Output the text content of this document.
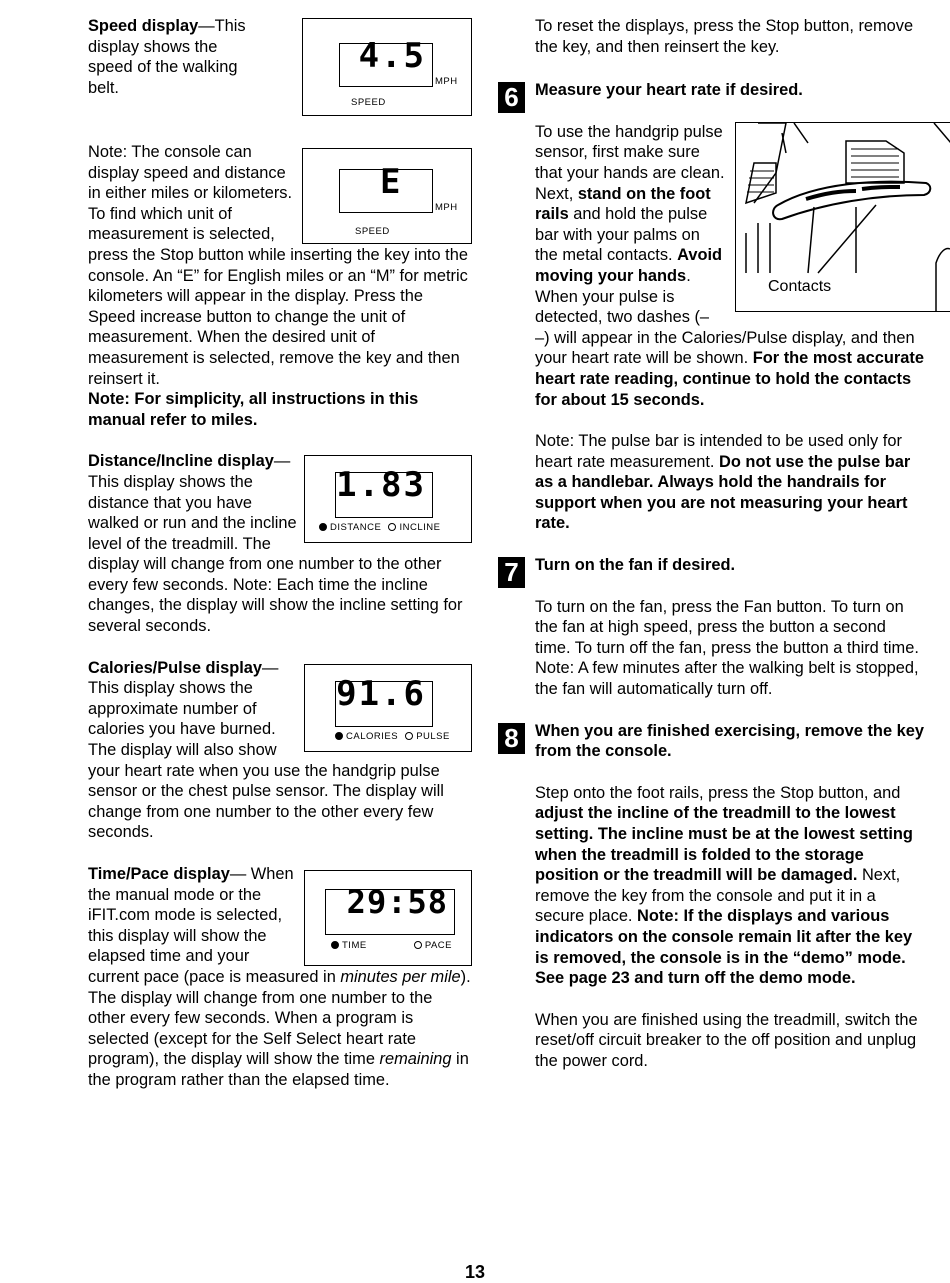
4.5
MPH
SPEED

Speed display—This display shows the speed of the walking belt.

E
MPH
SPEED

Note: The console can display speed and distance in either miles or kilometers. To find which unit of measurement is selected, press the Stop button while inserting the key into the console. An “E” for English miles or an “M” for metric kilometers will appear in the display. Press the Speed increase button to change the unit of measurement. When the desired unit of measurement is selected, remove the key and then reinsert it.

Note: For simplicity, all instructions in this manual refer to miles.

1.83
DISTANCE INCLINE

Distance/Incline display—This display shows the distance that you have walked or run and the incline level of the treadmill. The display will change from one number to the other every few seconds. Note: Each time the incline changes, the display will show the incline setting for several seconds.

91.6
CALORIES PULSE

Calories/Pulse display—This display shows the approximate number of calories you have burned. The display will also show your heart rate when you use the handgrip pulse sensor or the chest pulse sensor. The display will change from one number to the other every few seconds.

29:58
TIME	PACE

Time/Pace display— When the manual mode or the iFIT.com mode is selected, this display will show the elapsed time and your current pace (pace is measured in minutes per mile). The display will change from one number to the other every few seconds. When a program is selected (except for the Self Select heart rate program), the display will show the time remaining in the program rather than the elapsed time.

To reset the displays, press the Stop button, remove the key, and then reinsert the key.

6 Measure your heart rate if desired.

Contacts

To use the handgrip pulse sensor, first make sure that your hands are clean. Next, stand on the foot rails and hold the pulse bar with your palms on the metal contacts. Avoid moving your hands. When your pulse is detected, two dashes (– –) will appear in the Calories/Pulse display, and then your heart rate will be shown. For the most accurate heart rate reading, continue to hold the contacts for about 15 seconds.

Note: The pulse bar is intended to be used only for heart rate measurement. Do not use the pulse bar as a handlebar. Always hold the handrails for support when you are not measuring your heart rate.

7 Turn on the fan if desired.

To turn on the fan, press the Fan button. To turn on the fan at high speed, press the button a second time. To turn off the fan, press the button a third time. Note: A few minutes after the walking belt is stopped, the fan will automatically turn off.

8 When you are finished exercising, remove the key from the console.

Step onto the foot rails, press the Stop button, and adjust the incline of the treadmill to the lowest setting. The incline must be at the lowest setting when the treadmill is folded to the storage position or the treadmill will be damaged. Next, remove the key from the console and put it in a secure place. Note: If the displays and various indicators on the console remain lit after the key is removed, the console is in the “demo” mode. See page 23 and turn off the demo mode.

When you are finished using the treadmill, switch the reset/off circuit breaker to the off position and unplug the power cord.

13
